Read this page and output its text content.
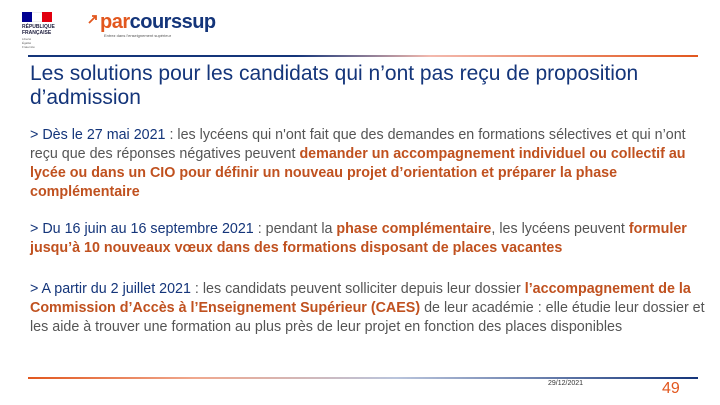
RÉPUBLIQUE
FRANÇAISE
Liberté
Égalité
Fraternité
parcourssup
Entrez dans l'enseignement supérieur
Les solutions pour les candidats qui n’ont pas reçu de proposition d’admission
> Dès le 27 mai 2021 : les lycéens qui n'ont fait que des demandes en formations sélectives et qui n’ont reçu que des réponses négatives peuvent demander un accompagnement individuel ou collectif au lycée ou dans un CIO pour définir un nouveau projet d’orientation et préparer la phase complémentaire
> Du 16 juin au 16 septembre 2021 : pendant la phase complémentaire, les lycéens peuvent formuler jusqu’à 10 nouveaux vœux dans des formations disposant de places vacantes
> A partir du 2 juillet 2021 : les candidats peuvent solliciter depuis leur dossier l’accompagnement de la Commission d’Accès à l’Enseignement Supérieur (CAES) de leur académie : elle étudie leur dossier et les aide à trouver une formation au plus près de leur projet en fonction des places disponibles
29/12/2021	49
